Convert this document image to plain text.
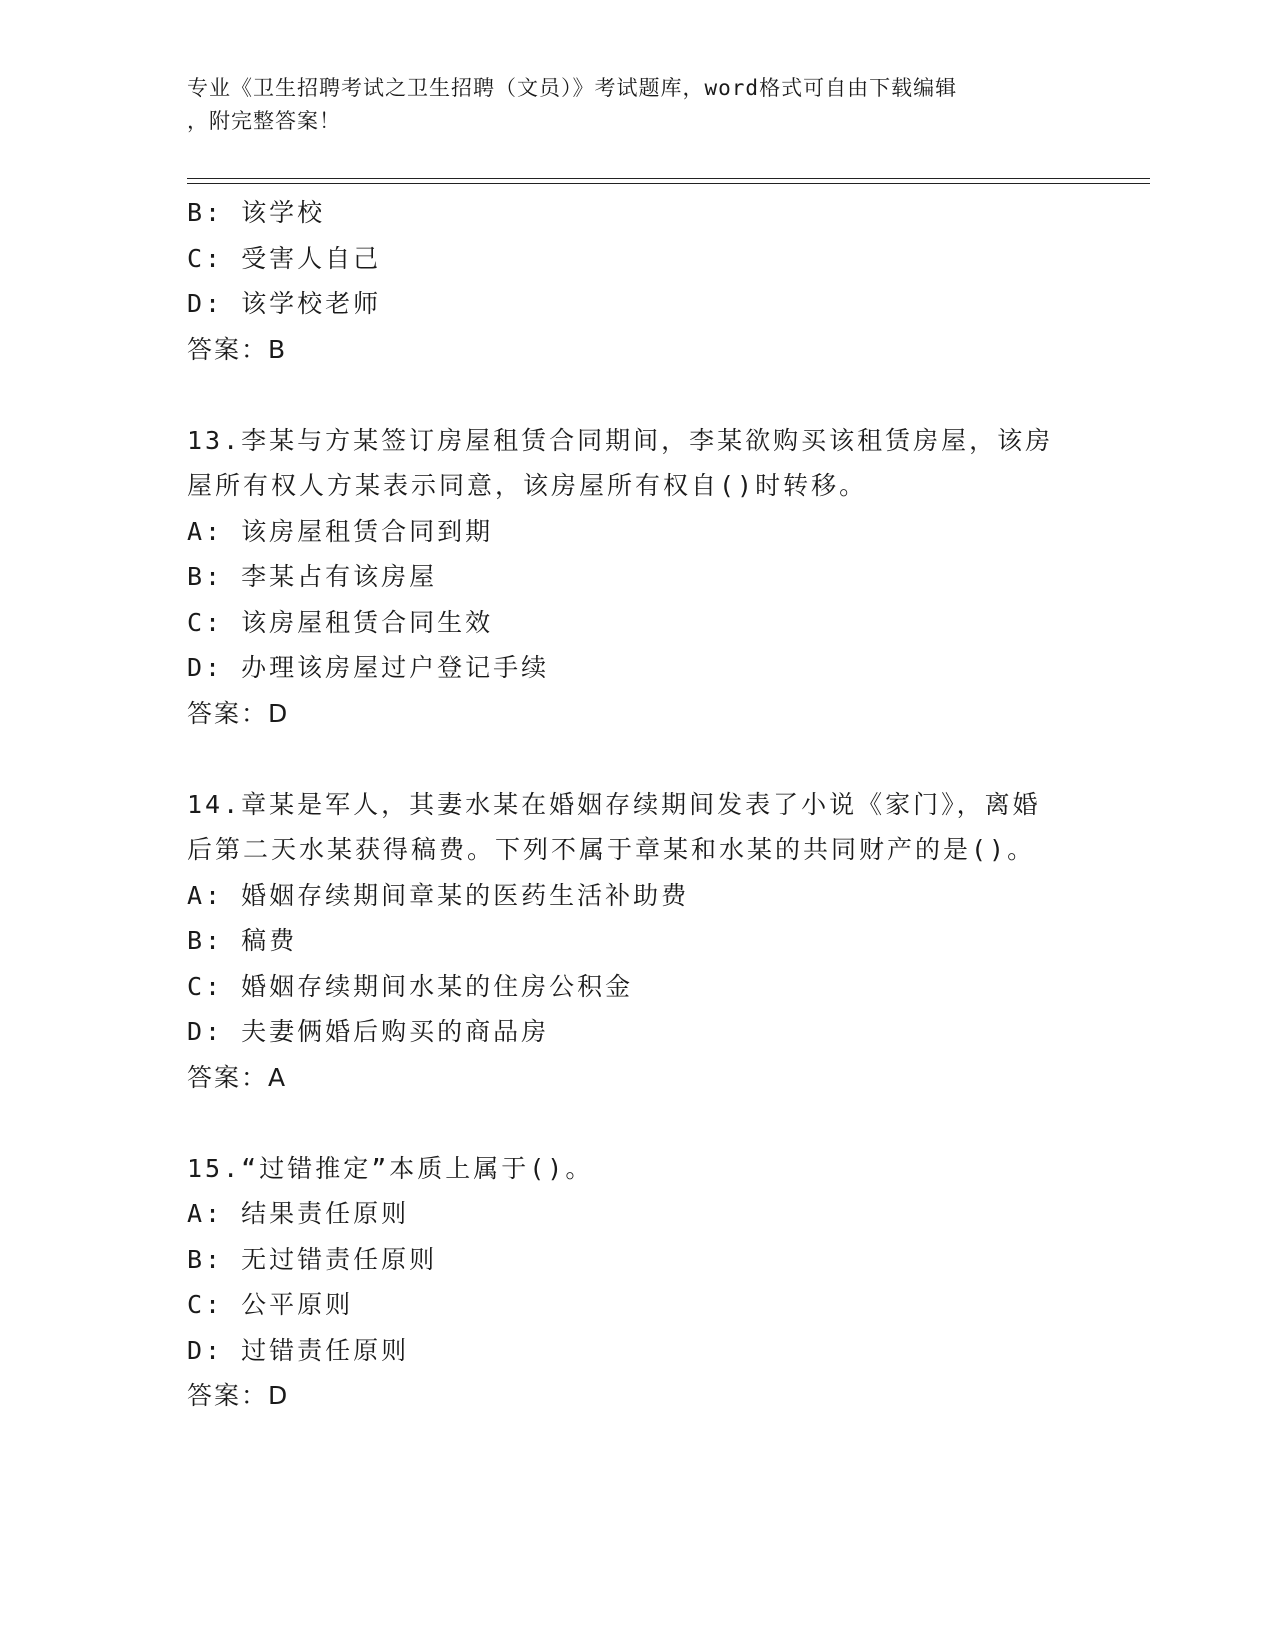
专业《卫生招聘考试之卫生招聘（文员）》考试题库，word格式可自由下载编辑
，附完整答案！
B: 该学校
C: 受害人自己
D: 该学校老师
答案：B
13.李某与方某签订房屋租赁合同期间，李某欲购买该租赁房屋，该房
屋所有权人方某表示同意，该房屋所有权自()时转移。
A: 该房屋租赁合同到期
B: 李某占有该房屋
C: 该房屋租赁合同生效
D: 办理该房屋过户登记手续
答案：D
14.章某是军人，其妻水某在婚姻存续期间发表了小说《家门》，离婚
后第二天水某获得稿费。下列不属于章某和水某的共同财产的是()。
A: 婚姻存续期间章某的医药生活补助费
B: 稿费
C: 婚姻存续期间水某的住房公积金
D: 夫妻俩婚后购买的商品房
答案：A
15.“过错推定”本质上属于()。
A: 结果责任原则
B: 无过错责任原则
C: 公平原则
D: 过错责任原则
答案：D
